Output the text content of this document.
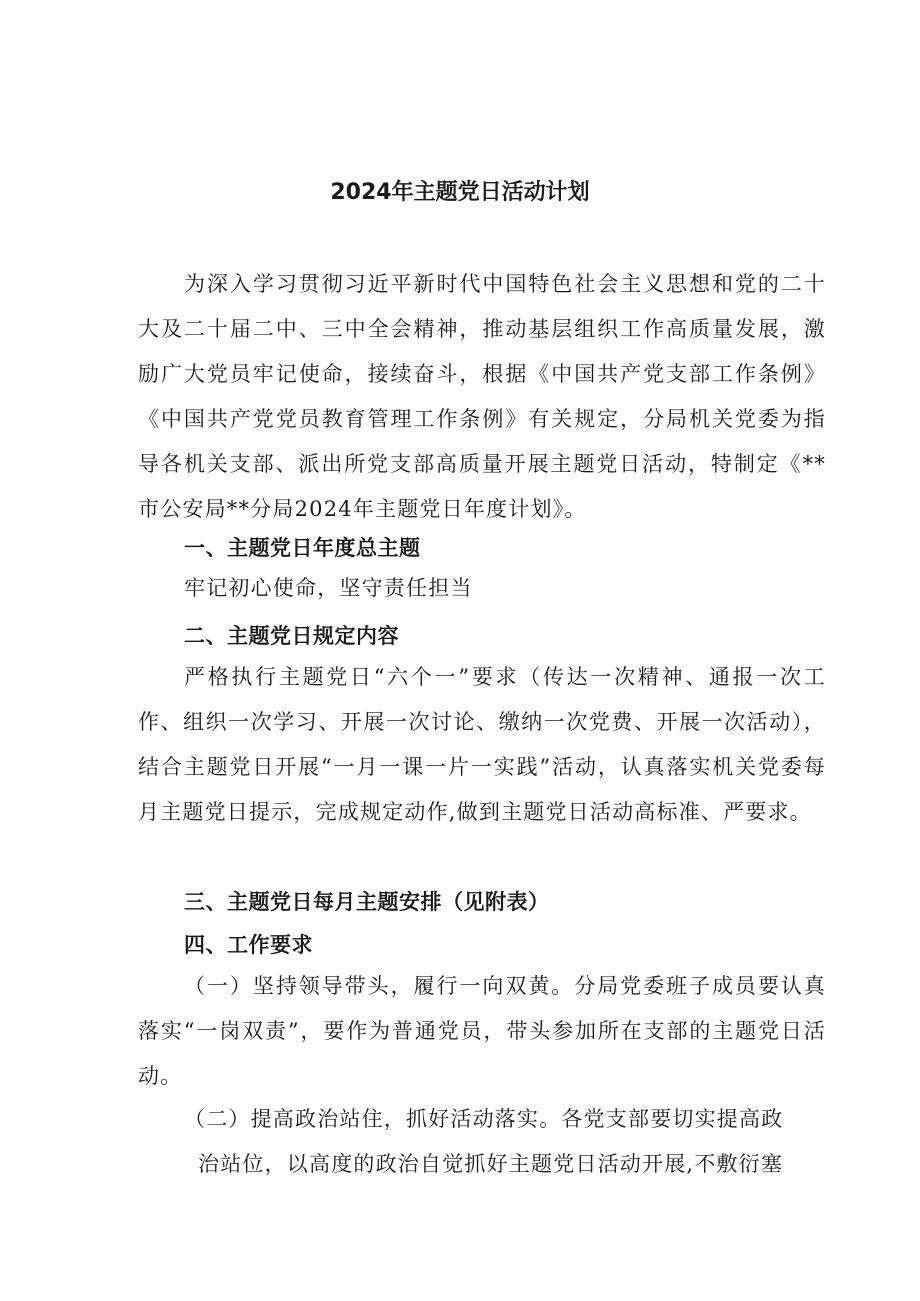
2024年主题党日活动计划

为深入学习贯彻习近平新时代中国特色社会主义思想和党的二十大及二十届二中、三中全会精神，推动基层组织工作高质量发展，激励广大党员牢记使命，接续奋斗，根据《中国共产党支部工作条例》《中国共产党党员教育管理工作条例》有关规定，分局机关党委为指导各机关支部、派出所党支部高质量开展主题党日活动，特制定《**市公安局**分局2024年主题党日年度计划》。

一、主题党日年度总主题

牢记初心使命，坚守责任担当

二、主题党日规定内容

严格执行主题党日“六个一”要求（传达一次精神、通报一次工作、组织一次学习、开展一次讨论、缴纳一次党费、开展一次活动），结合主题党日开展“一月一课一片一实践”活动，认真落实机关党委每月主题党日提示，完成规定动作,做到主题党日活动高标准、严要求。

三、主题党日每月主题安排（见附表）
四、工作要求

（一）坚持领导带头，履行一向双黄。分局党委班子成员要认真落实“一岗双责”，要作为普通党员，带头参加所在支部的主题党日活动。

（二）提高政治站住，抓好活动落实。各党支部要切实提高政

治站位，以高度的政治自觉抓好主题党日活动开展,不敷衍塞
